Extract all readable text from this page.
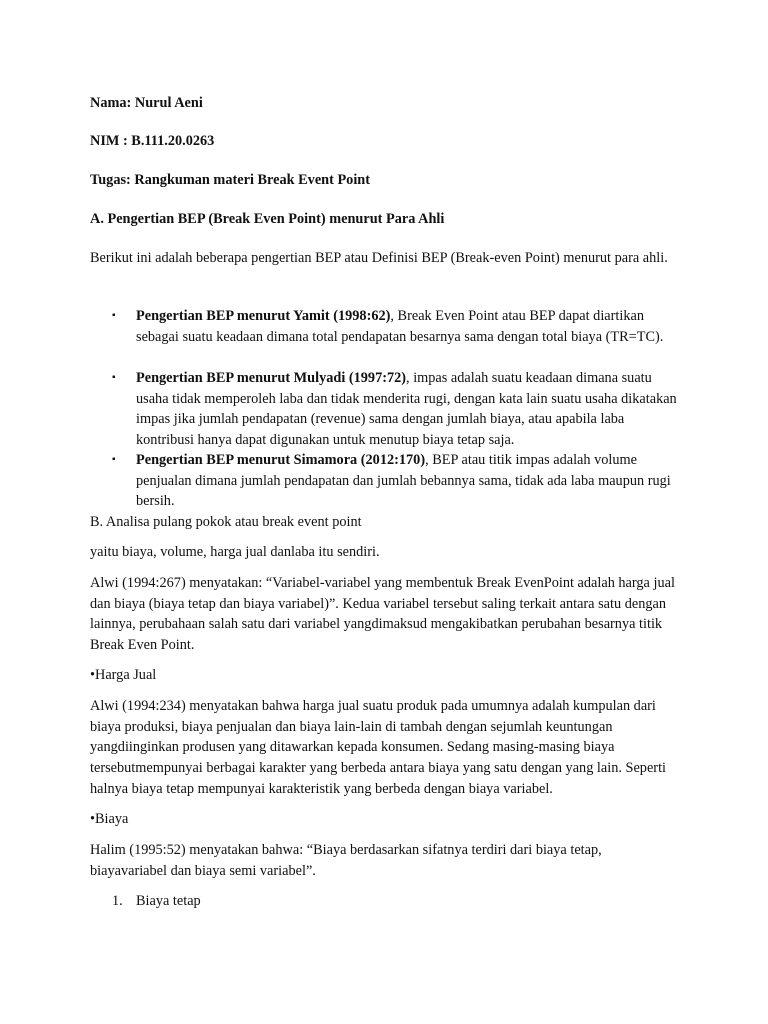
Nama: Nurul Aeni
NIM : B.111.20.0263
Tugas: Rangkuman materi Break Event Point
A. Pengertian BEP (Break Even Point) menurut Para Ahli
Berikut ini adalah beberapa pengertian BEP atau Definisi BEP (Break-even Point) menurut para ahli.
▪ Pengertian BEP menurut Yamit (1998:62), Break Even Point atau BEP dapat diartikan sebagai suatu keadaan dimana total pendapatan besarnya sama dengan total biaya (TR=TC).
▪ Pengertian BEP menurut Mulyadi (1997:72), impas adalah suatu keadaan dimana suatu usaha tidak memperoleh laba dan tidak menderita rugi, dengan kata lain suatu usaha dikatakan impas jika jumlah pendapatan (revenue) sama dengan jumlah biaya, atau apabila laba kontribusi hanya dapat digunakan untuk menutup biaya tetap saja.
▪ Pengertian BEP menurut Simamora (2012:170), BEP atau titik impas adalah volume penjualan dimana jumlah pendapatan dan jumlah bebannya sama, tidak ada laba maupun rugi bersih.
B. Analisa pulang pokok atau break event point
yaitu biaya, volume, harga jual danlaba itu sendiri.
Alwi (1994:267) menyatakan: “Variabel-variabel yang membentuk Break EvenPoint adalah harga jual dan biaya (biaya tetap dan biaya variabel)”. Kedua variabel tersebut saling terkait antara satu dengan lainnya, perubahaan salah satu dari variabel yangdimaksud mengakibatkan perubahan besarnya titik Break Even Point.
•Harga Jual
Alwi (1994:234) menyatakan bahwa harga jual suatu produk pada umumnya adalah kumpulan dari biaya produksi, biaya penjualan dan biaya lain-lain di tambah dengan sejumlah keuntungan yangdiinginkan produsen yang ditawarkan kepada konsumen. Sedang masing-masing biaya tersebutmempunyai berbagai karakter yang berbeda antara biaya yang satu dengan yang lain. Seperti halnya biaya tetap mempunyai karakteristik yang berbeda dengan biaya variabel.
•Biaya
Halim (1995:52) menyatakan bahwa: “Biaya berdasarkan sifatnya terdiri dari biaya tetap, biayavariabel dan biaya semi variabel”.
1. Biaya tetap
